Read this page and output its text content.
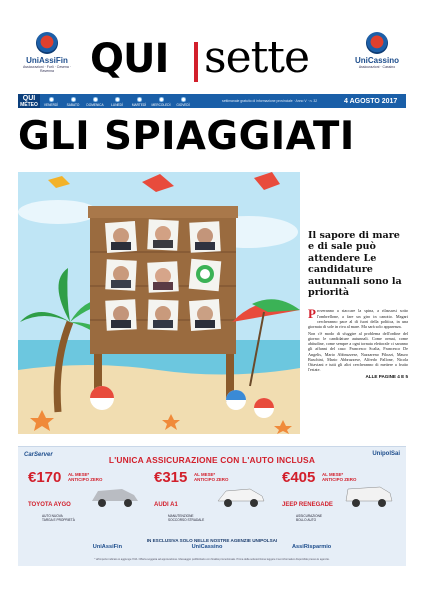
UniAssiFin
Assicurazioni · Forlì · Cesena · Ravenna QUI sette	UniCassino
Assicurazioni · Cassino
QUI
METEO	VENERDÌ	SABATO	DOMENICA	LUNEDÌ	MARTEDÌ	MERCOLEDÌ	GIOVEDÌ
settimanale gratuito di informazione provinciale · Anno V · n. 32	4 AGOSTO 2017
GLI SPIAGGIATI
Il sapore di mare e di sale può attendere Le candidature autunnali sono la priorità

Proveranno a staccare la spina, a rilassarsi sotto l'ombrellone, a fare un giro in canotto. Magari cercheranno pace al di fuori della politica, in una giornata di sole in riva al mare. Ma sarà solo apparenza.

Non c'è modo di sfuggire al problema dell'ordine del giorno: le candidature autunnali. Come ormai, come abitudine, come sempre a ogni tornata elettorale ci saranno gli affanni del caso: Francesco Scalia, Francesco De Angelis, Mario Abbruzzese, Nazzareno Pilozzi, Mauro Buschini, Mario Abbruzzese, Alfredo Pallone, Nicola Ottaviani e tutti gli altri cercheranno di mettere a frutto l'estate.

ALLE PAGINE 4 E 5
CarServer	UnipolSai
L'UNICA ASSICURAZIONE CON L'AUTO INCLUSA
€170 AL MESE*
ANTICIPO ZERO
TOYOTA AYGO
AUTO NUOVA
TARGA E PROPRIETÀ
€315 AL MESE*
ANTICIPO ZERO
AUDI A1
MANUTENZIONE
SOCCORSO STRADALE
€405 AL MESE*
ANTICIPO ZERO
JEEP RENEGADE
ASSICURAZIONE
BOLLO AUTO
IN ESCLUSIVA SOLO NELLE NOSTRE AGENZIE UNIPOLSAI
UniAssiFin	UniCassino	AssiRisparmio
* all'importo indicato si aggiunge l'IVA. Offerta soggetta ad approvazione. Messaggio pubblicitario con finalità promozionale. Prima della sottoscrizione leggere il set informativo disponibile presso le agenzie.
